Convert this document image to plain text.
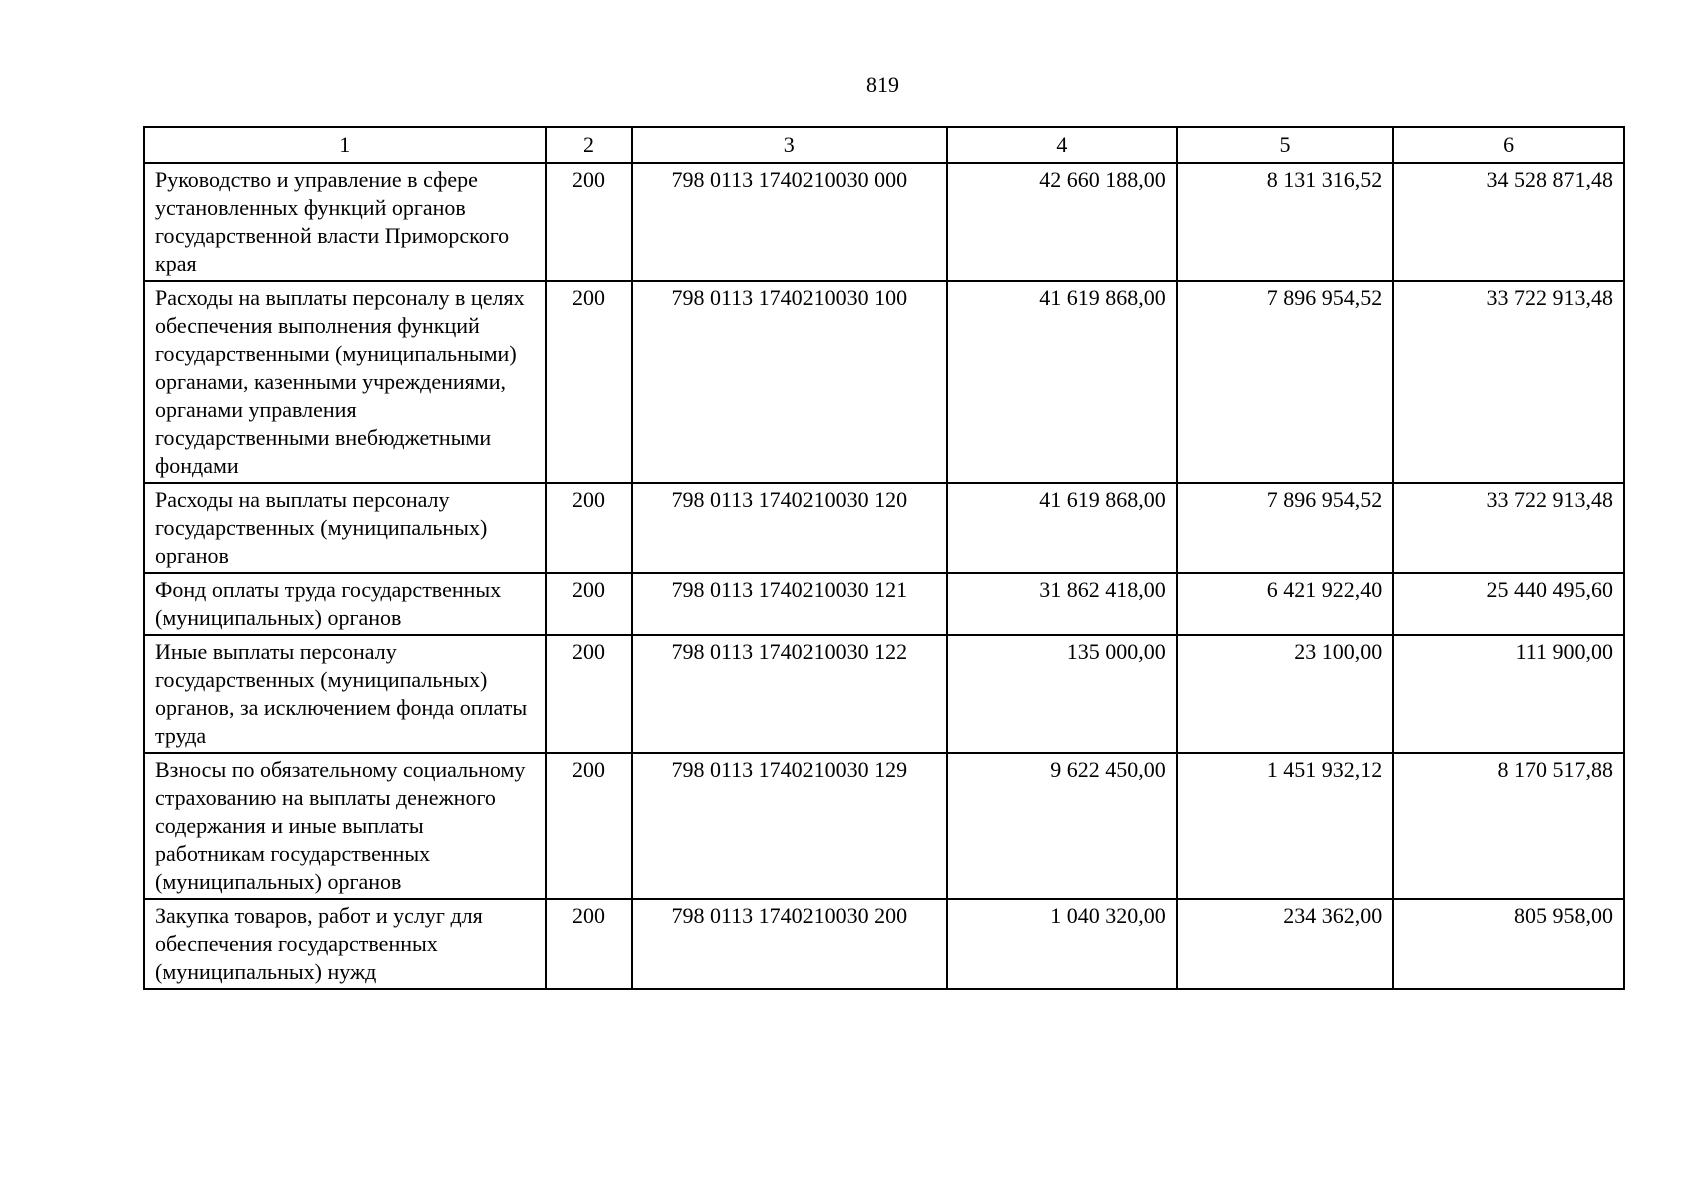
819
1	2	3	4	5	6
Руководство и управление в сфере установленных функций органов государственной власти Приморского края	200	798 0113 1740210030 000	42 660 188,00	8 131 316,52	34 528 871,48
Расходы на выплаты персоналу в целях обеспечения выполнения функций государственными (муниципальными) органами, казенными учреждениями, органами управления государственными внебюджетными фондами	200	798 0113 1740210030 100	41 619 868,00	7 896 954,52	33 722 913,48
Расходы на выплаты персоналу государственных (муниципальных) органов	200	798 0113 1740210030 120	41 619 868,00	7 896 954,52	33 722 913,48
Фонд оплаты труда государственных (муниципальных) органов	200	798 0113 1740210030 121	31 862 418,00	6 421 922,40	25 440 495,60
Иные выплаты персоналу государственных (муниципальных) органов, за исключением фонда оплаты труда	200	798 0113 1740210030 122	135 000,00	23 100,00	111 900,00
Взносы по обязательному социальному страхованию на выплаты денежного содержания и иные выплаты работникам государственных (муниципальных) органов	200	798 0113 1740210030 129	9 622 450,00	1 451 932,12	8 170 517,88
Закупка товаров, работ и услуг для обеспечения государственных (муниципальных) нужд	200	798 0113 1740210030 200	1 040 320,00	234 362,00	805 958,00
